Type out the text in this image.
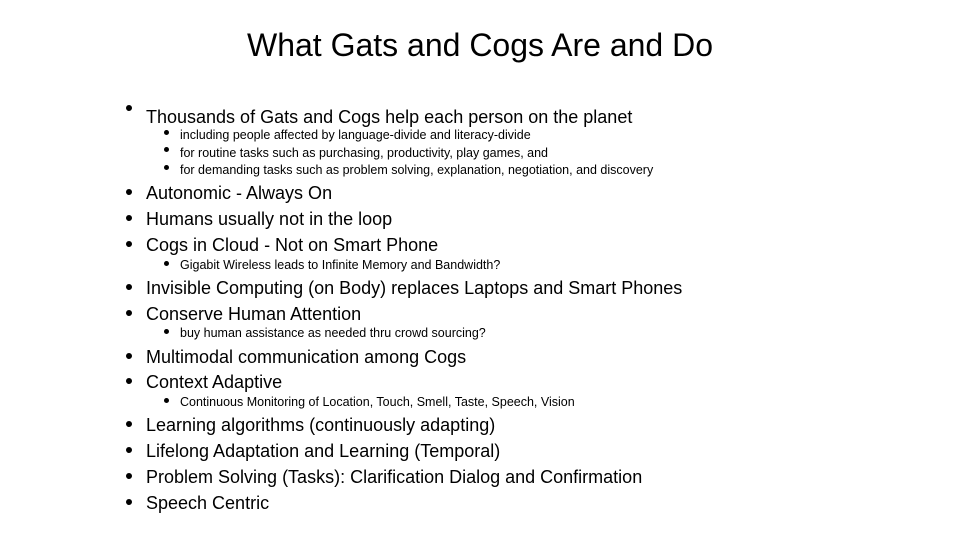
What Gats and Cogs Are and Do
Thousands of Gats and Cogs help each person on the planet
including people affected by language-divide and literacy-divide
for routine tasks such as purchasing, productivity, play games, and
for demanding tasks such as problem solving, explanation, negotiation, and discovery
Autonomic - Always On
Humans usually not in the loop
Cogs in Cloud - Not on Smart Phone
Gigabit Wireless leads to Infinite Memory and Bandwidth?
Invisible Computing (on Body) replaces Laptops and Smart Phones
Conserve Human Attention
buy human assistance as needed thru crowd sourcing?
Multimodal communication among Cogs
Context Adaptive
Continuous Monitoring of Location, Touch, Smell, Taste, Speech, Vision
Learning algorithms (continuously adapting)
Lifelong Adaptation and Learning (Temporal)
Problem Solving (Tasks): Clarification Dialog and Confirmation
Speech Centric
